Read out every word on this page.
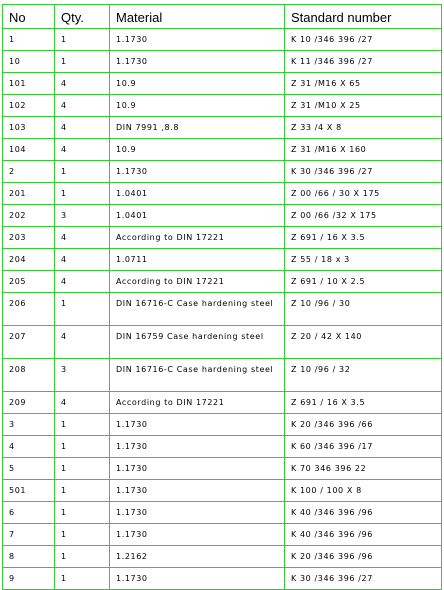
No	Qty.	Material	Standard number
1	1	1.1730	K 10 /346 396 /27
10	1	1.1730	K 11 /346 396 /27
101	4	10.9	Z 31 /M16 X 65
102	4	10.9	Z 31 /M10 X 25
103	4	DIN 7991 ,8.8	Z 33 /4 X 8
104	4	10.9	Z 31 /M16 X 160
2	1	1.1730	K 30 /346 396 /27
201	1	1.0401	Z 00 /66 / 30 X 175
202	3	1.0401	Z 00 /66 /32 X 175
203	4	According to DIN 17221	Z 691 / 16 X 3.5
204	4	1.0711	Z 55 / 18 x 3
205	4	According to DIN 17221	Z 691 / 10 X 2.5
206	1	DIN 16716-C Case hardening steel	Z 10 /96 / 30
207	4	DIN 16759 Case hardening steel	Z 20 / 42 X 140
208	3	DIN 16716-C Case hardening steel	Z 10 /96 / 32
209	4	According to DIN 17221	Z 691 / 16 X 3.5
3	1	1.1730	K 20 /346 396 /66
4	1	1.1730	K 60 /346 396 /17
5	1	1.1730	K 70 346 396 22
501	1	1.1730	K 100 / 100 X 8
6	1	1.1730	K 40 /346 396 /96
7	1	1.1730	K 40 /346 396 /96
8	1	1.2162	K 20 /346 396 /96
9	1	1.1730	K 30 /346 396 /27
